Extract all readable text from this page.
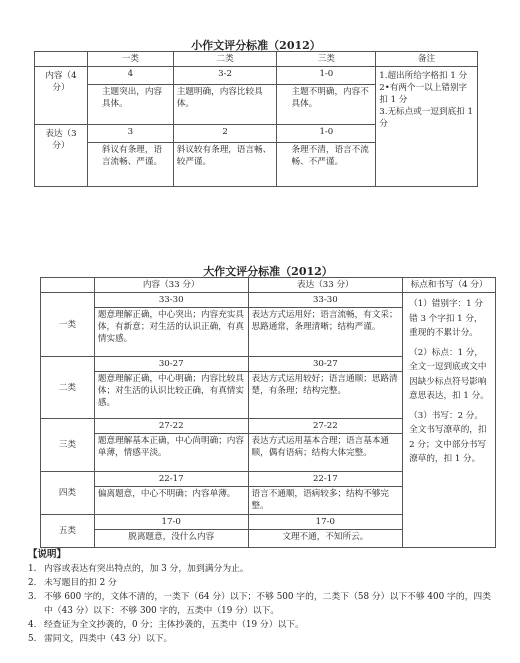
小作文评分标准（2012）
	一类	二类	三类	备注
内容（4 分）	4	3-2	1-0	1.超出所给字格扣 1 分
2•有两个一以上错别字扣 1 分
3.无标点或一逗到底扣 1 分

	主题突出，内容具体。	主题明确，内容比较具体。	主题不明确，内容不具体。	
表达（3 分）	3	2	1-0	
	斜议有条理，语言流畅、严谨。	斜议较有条理，语言畅、较严谨。	条理不清，语言不流畅、不严谨。	
大作文评分标准（2012）
	内容（33 分）	表达（33 分）	标点和书写（4 分）
一类	33-30	33-30	（1）错别字：1 分错 3 个字扣 1 分，重现的不累计分。
（2）标点：1 分，全文一逗到底或文中因缺少标点符号影响意思表达，扣 1 分。
（3）书写：2 分。全文书写潦草的，扣 2 分；文中部分书写潦草的，扣 1 分。

	题意理解正确，中心突出；内容充实具体，有新意；对生活的认识正确，有真情实感。	表达方式运用好；语言流畅，有文采；思路通常，条理清晰；结构严谨。	
二类	30-27	30-27	
	题意理解正确，中心明确；内容比较具体；对生活的认识比较正确，有真情实感。	表达方式运用较好；语言通顺；思路清楚，有条理；结构完整。	
三类	27-22	27-22	
	题意理解基本正确，中心尚明确；内容单薄，情感平淡。	表达方式运用基本合理；语言基本通顺，偶有语病；结构大体完整。	
四类	22-17	22-17	
	偏离题意，中心不明确；内容单薄。	语言不通顺，语病较多；结构不够完整。	
五类	17-0	17-0	
	脱离题意，没什么内容	文理不通，不知所云。	
【说明】
1. 内容或表达有突出特点的，加 3 分，加到满分为止。
2. 未写题目的扣 2 分
3. 不够 600 字的，文体不清的，一类下（64 分）以下；不够 500 字的，二类下（58 分）以下不够 400 字的，四类中（43 分）以下：不够 300 字的，五类中（19 分）以下。
4. 经查证为全文抄袭的，0 分；主体抄袭的，五类中（19 分）以下。
5. 雷同文，四类中（43 分）以下。
